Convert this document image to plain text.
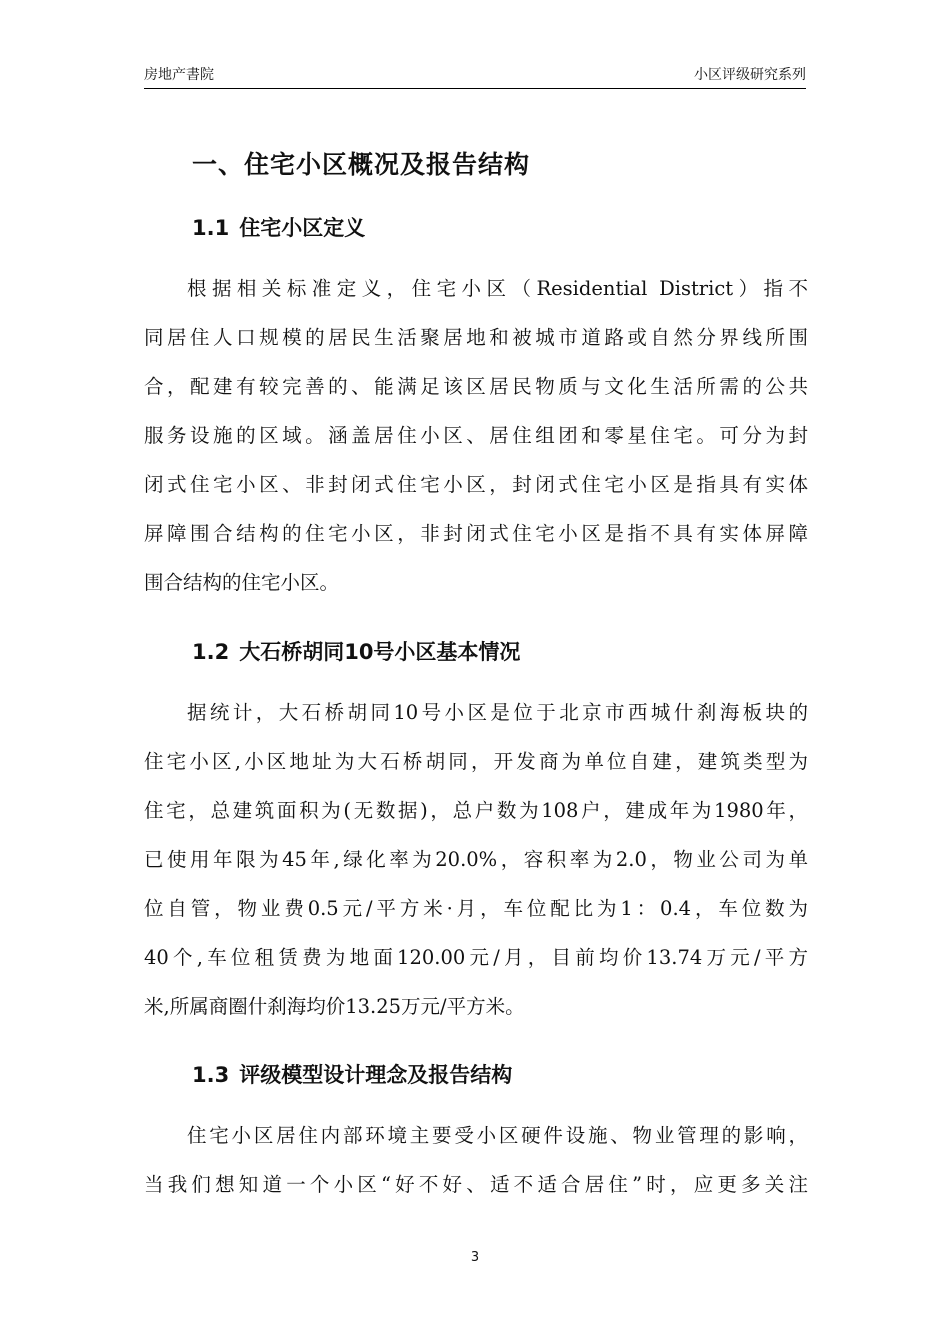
房地产書院	小区评级研究系列
一、住宅小区概况及报告结构
1.1 住宅小区定义
根据相关标准定义，住宅小区（Residential District）指不
同居住人口规模的居民生活聚居地和被城市道路或自然分界线所围
合，配建有较完善的、能满足该区居民物质与文化生活所需的公共
服务设施的区域。涵盖居住小区、居住组团和零星住宅。可分为封
闭式住宅小区、非封闭式住宅小区，封闭式住宅小区是指具有实体
屏障围合结构的住宅小区，非封闭式住宅小区是指不具有实体屏障
围合结构的住宅小区。
1.2 大石桥胡同10号小区基本情况
据统计，大石桥胡同10号小区是位于北京市西城什刹海板块的
住宅小区,小区地址为大石桥胡同，开发商为单位自建，建筑类型为
住宅，总建筑面积为(无数据)，总户数为108户，建成年为1980年，
已使用年限为45年,绿化率为20.0%，容积率为2.0，物业公司为单
位自管，物业费0.5元/平方米·月，车位配比为1：0.4，车位数为
40个,车位租赁费为地面120.00元/月，目前均价13.74万元/平方
米,所属商圈什刹海均价13.25万元/平方米。
1.3 评级模型设计理念及报告结构
住宅小区居住内部环境主要受小区硬件设施、物业管理的影响，
当我们想知道一个小区“好不好、适不适合居住”时，应更多关注
3
